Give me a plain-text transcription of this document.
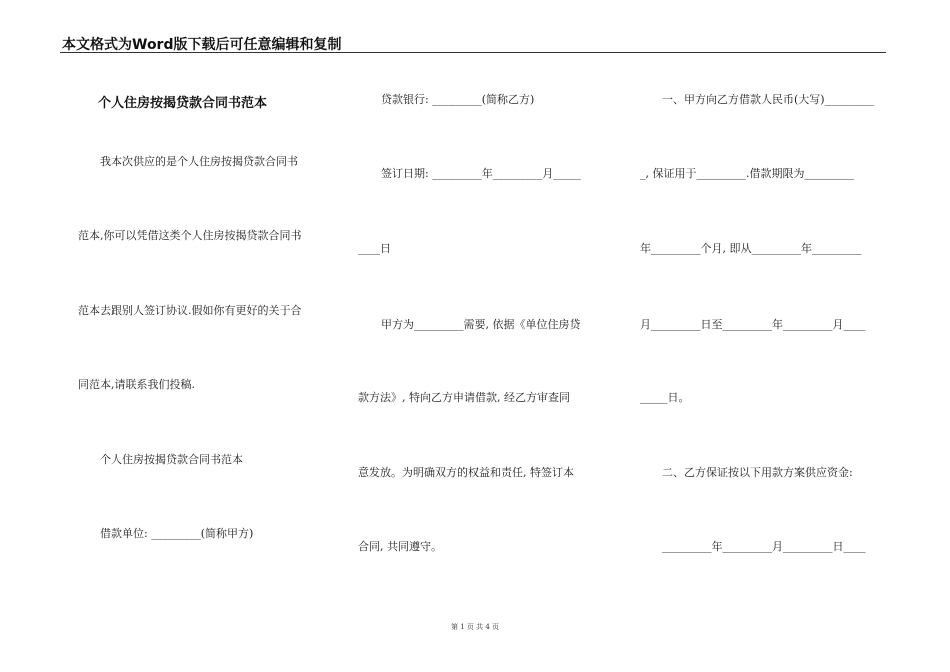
本文格式为Word版下载后可任意编辑和复制
个人住房按揭贷款合同书范本
我本次供应的是个人住房按揭贷款合同书
范本,你可以凭借这类个人住房按揭贷款合同书
范本去跟别人签订协议.假如你有更好的关于合
同范本,请联系我们投稿.
个人住房按揭贷款合同书范本
借款单位: _________(简称甲方)
贷款银行: _________(简称乙方)
签订日期: _________年_________月_____
____日
甲方为_________需要, 依据《单位住房贷
款方法》, 特向乙方申请借款, 经乙方审查同
意发放。为明确双方的权益和责任, 特签订本
合同, 共同遵守。
一、甲方向乙方借款人民币(大写)_________
_, 保证用于_________.借款期限为_________
年_________个月, 即从_________年_________
月_________日至_________年_________月____
_____日。
二、乙方保证按以下用款方案供应资金:
_________年_________月_________日____
第 1 页 共 4 页
